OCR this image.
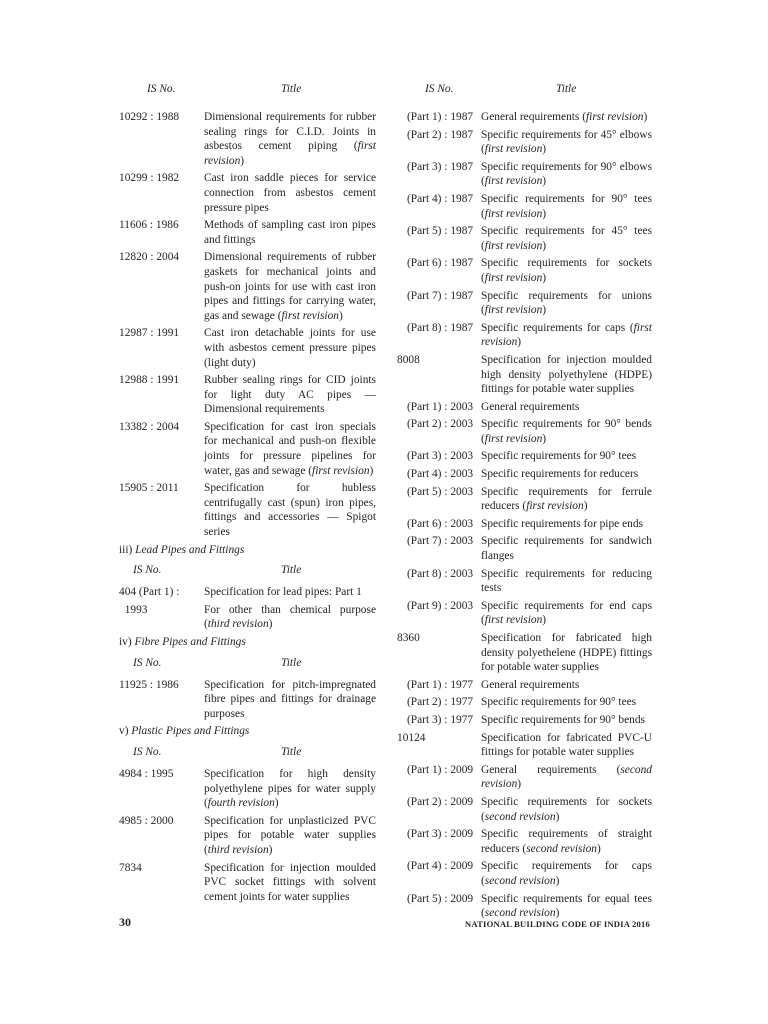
IS No.	Title
10292 : 1988	Dimensional requirements for rubber sealing rings for C.I.D. Joints in asbestos cement piping (first revision)
10299 : 1982	Cast iron saddle pieces for service connection from asbestos cement pressure pipes
11606 : 1986	Methods of sampling cast iron pipes and fittings
12820 : 2004	Dimensional requirements of rubber gaskets for mechanical joints and push-on joints for use with cast iron pipes and fittings for carrying water, gas and sewage (first revision)
12987 : 1991	Cast iron detachable joints for use with asbestos cement pressure pipes (light duty)
12988 : 1991	Rubber sealing rings for CID joints for light duty AC pipes — Dimensional requirements
13382 : 2004	Specification for cast iron specials for mechanical and push-on flexible joints for pressure pipelines for water, gas and sewage (first revision)
15905 : 2011	Specification for hubless centrifugally cast (spun) iron pipes, fittings and accessories — Spigot series
iii) Lead Pipes and Fittings
IS No.	Title
404 (Part 1) :	Specification for lead pipes: Part 1
1993	For other than chemical purpose (third revision)
iv) Fibre Pipes and Fittings
IS No.	Title
11925 : 1986	Specification for pitch-impregnated fibre pipes and fittings for drainage purposes
v) Plastic Pipes and Fittings
IS No.	Title
4984 : 1995	Specification for high density polyethylene pipes for water supply (fourth revision)
4985 : 2000	Specification for unplasticized PVC pipes for potable water supplies (third revision)
7834	Specification for injection moulded PVC socket fittings with solvent cement joints for water supplies
IS No.	Title
(Part 1) : 1987 General requirements (first revision)
(Part 2) : 1987 Specific requirements for 45° elbows (first revision)
(Part 3) : 1987 Specific requirements for 90° elbows (first revision)
(Part 4) : 1987 Specific requirements for 90° tees (first revision)
(Part 5) : 1987 Specific requirements for 45° tees (first revision)
(Part 6) : 1987 Specific requirements for sockets (first revision)
(Part 7) : 1987 Specific requirements for unions (first revision)
(Part 8) : 1987 Specific requirements for caps (first revision)
8008	Specification for injection moulded high density polyethylene (HDPE) fittings for potable water supplies
(Part 1) : 2003 General requirements
(Part 2) : 2003 Specific requirements for 90° bends (first revision)
(Part 3) : 2003 Specific requirements for 90° tees
(Part 4) : 2003 Specific requirements for reducers
(Part 5) : 2003 Specific requirements for ferrule reducers (first revision)
(Part 6) : 2003 Specific requirements for pipe ends
(Part 7) : 2003 Specific requirements for sandwich flanges
(Part 8) : 2003 Specific requirements for reducing tests
(Part 9) : 2003 Specific requirements for end caps (first revision)
8360	Specification for fabricated high density polyethelene (HDPE) fittings for potable water supplies
(Part 1) : 1977 General requirements
(Part 2) : 1977 Specific requirements for 90° tees
(Part 3) : 1977 Specific requirements for 90° bends
10124	Specification for fabricated PVC-U fittings for potable water supplies
(Part 1) : 2009 General requirements (second revision)
(Part 2) : 2009 Specific requirements for sockets (second revision)
(Part 3) : 2009 Specific requirements of straight reducers (second revision)
(Part 4) : 2009 Specific requirements for caps (second revision)
(Part 5) : 2009 Specific requirements for equal tees (second revision)
30	NATIONAL BUILDING CODE OF INDIA 2016
